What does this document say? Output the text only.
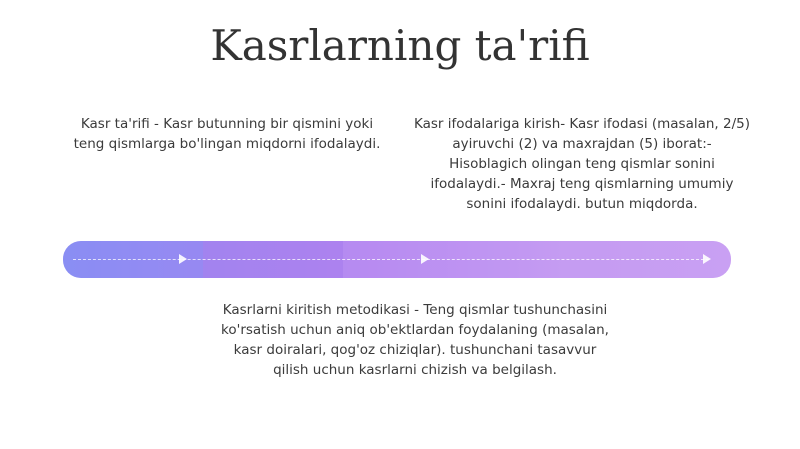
Kasrlarning ta'rifi

Kasr ta'rifi - Kasr butunning bir qismini yoki teng qismlarga bo'lingan miqdorni ifodalaydi.

Kasr ifodalariga kirish- Kasr ifodasi (masalan, 2/5) ayiruvchi (2) va maxrajdan (5) iborat:- Hisoblagich olingan teng qismlar sonini ifodalaydi.- Maxraj teng qismlarning umumiy sonini ifodalaydi. butun miqdorda.

Kasrlarni kiritish metodikasi - Teng qismlar tushunchasini ko'rsatish uchun aniq ob'ektlardan foydalaning (masalan, kasr doiralari, qog'oz chiziqlar). tushunchani tasavvur qilish uchun kasrlarni chizish va belgilash.
